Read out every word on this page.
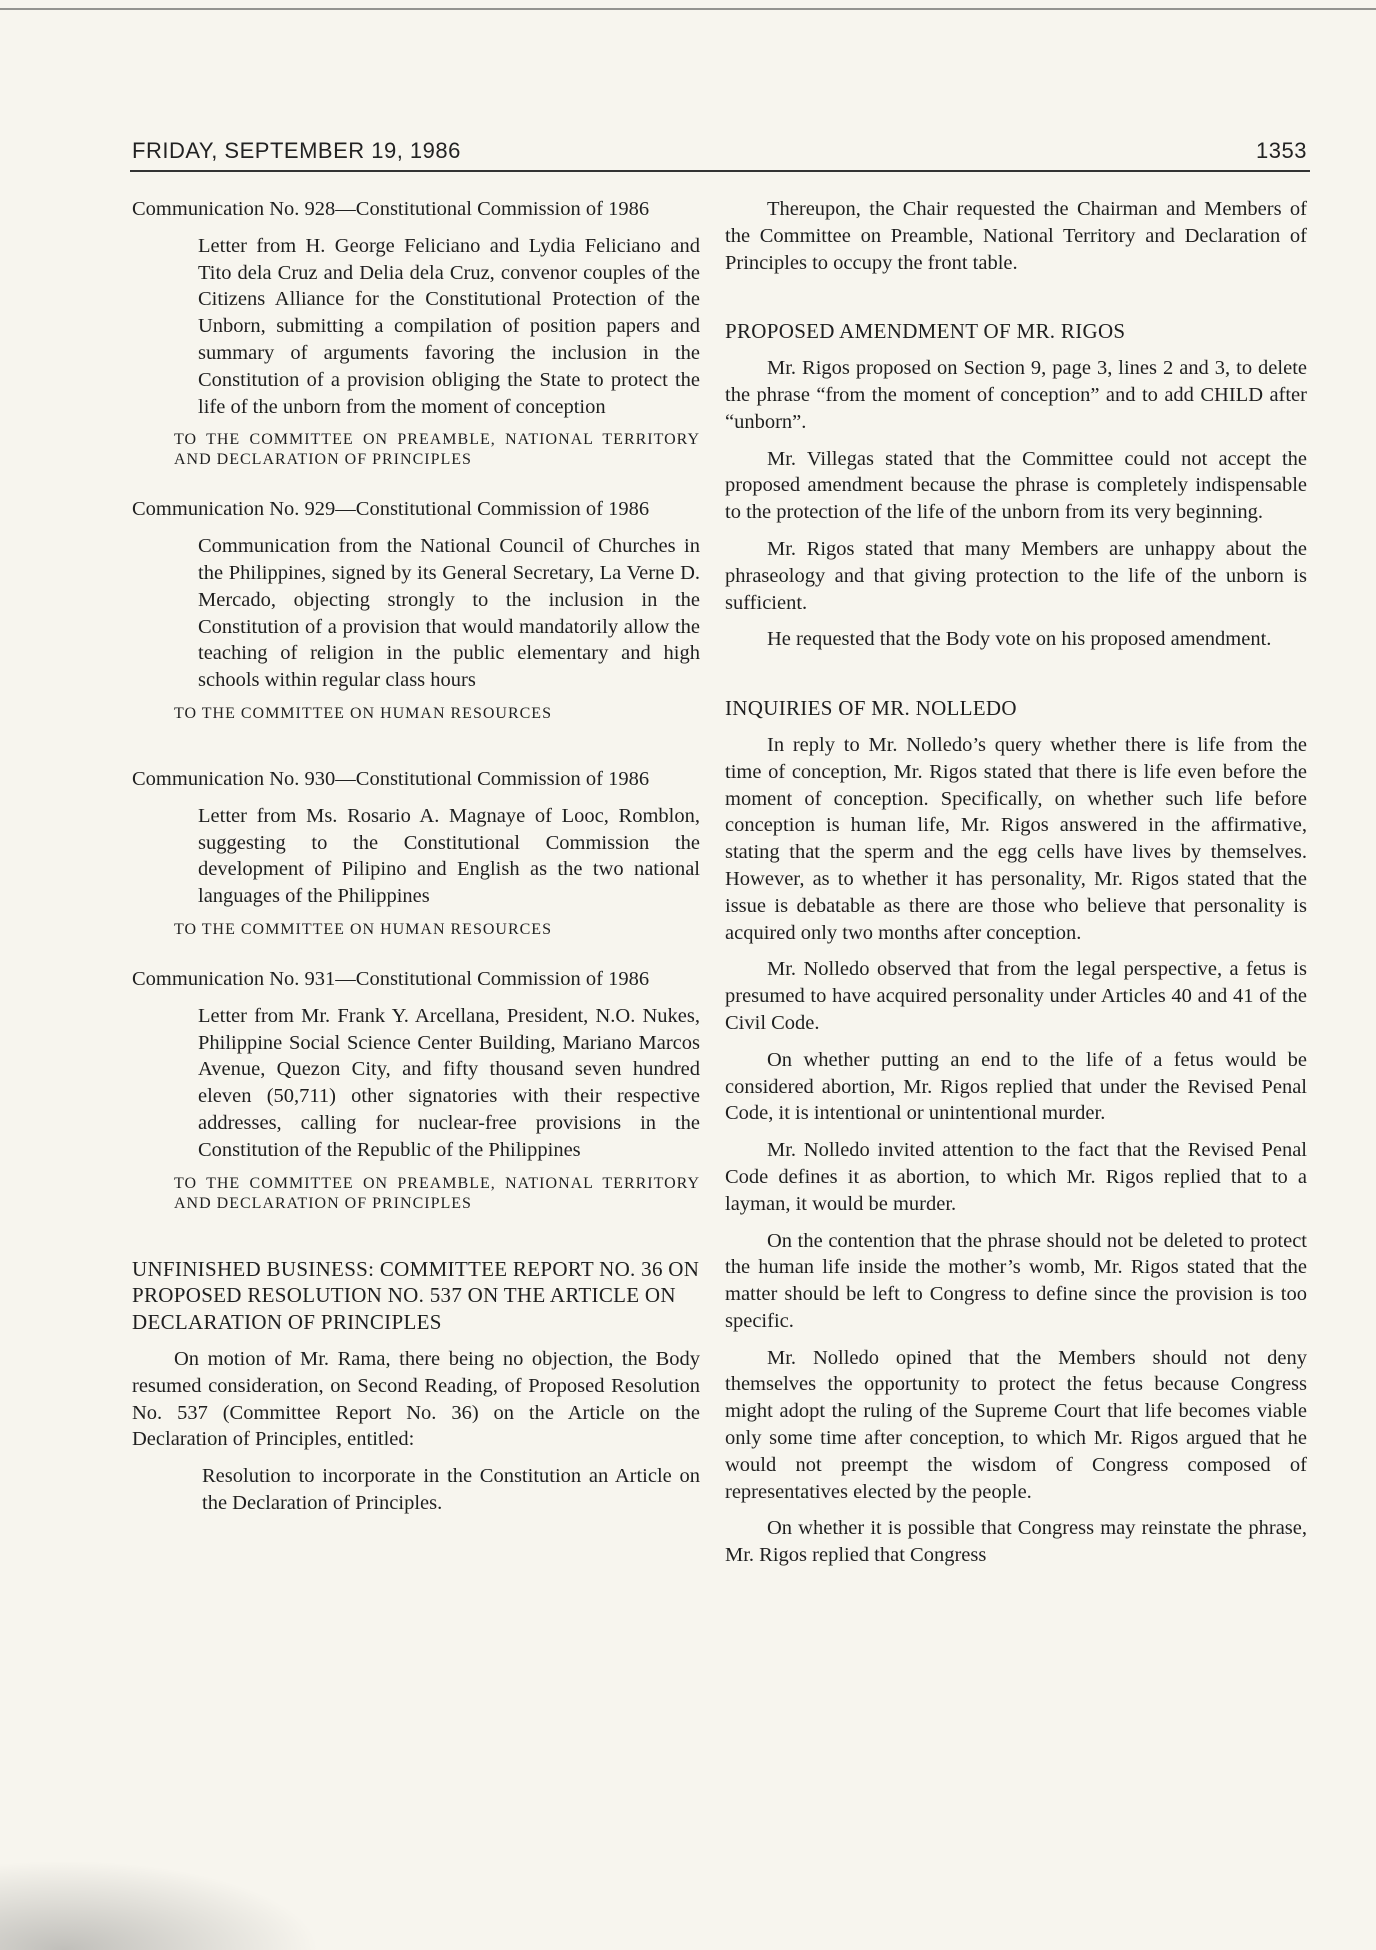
FRIDAY, SEPTEMBER 19, 1986	1353

Communication No. 928—Constitutional Commission of 1986

Letter from H. George Feliciano and Lydia Feliciano and Tito dela Cruz and Delia dela Cruz, convenor couples of the Citizens Alliance for the Constitutional Protection of the Unborn, submitting a compilation of position papers and summary of arguments favoring the inclusion in the Constitution of a provision obliging the State to protect the life of the unborn from the moment of conception

TO THE COMMITTEE ON PREAMBLE, NATIONAL TERRITORY AND DECLARATION OF PRINCIPLES

Communication No. 929—Constitutional Commission of 1986

Communication from the National Council of Churches in the Philippines, signed by its General Secretary, La Verne D. Mercado, objecting strongly to the inclusion in the Constitution of a provision that would mandatorily allow the teaching of religion in the public elementary and high schools within regular class hours

TO THE COMMITTEE ON HUMAN RESOURCES

Communication No. 930—Constitutional Commission of 1986

Letter from Ms. Rosario A. Magnaye of Looc, Romblon, suggesting to the Constitutional Commission the development of Pilipino and English as the two national languages of the Philippines

TO THE COMMITTEE ON HUMAN RESOURCES

Communication No. 931—Constitutional Commission of 1986

Letter from Mr. Frank Y. Arcellana, President, N.O. Nukes, Philippine Social Science Center Building, Mariano Marcos Avenue, Quezon City, and fifty thousand seven hundred eleven (50,711) other signatories with their respective addresses, calling for nuclear-free provisions in the Constitution of the Republic of the Philippines

TO THE COMMITTEE ON PREAMBLE, NATIONAL TERRITORY AND DECLARATION OF PRINCIPLES

UNFINISHED BUSINESS: COMMITTEE REPORT NO. 36 ON PROPOSED RESOLUTION NO. 537 ON THE ARTICLE ON DECLARATION OF PRINCIPLES

On motion of Mr. Rama, there being no objection, the Body resumed consideration, on Second Reading, of Proposed Resolution No. 537 (Committee Report No. 36) on the Article on the Declaration of Principles, entitled:

Resolution to incorporate in the Constitution an Article on the Declaration of Principles.

Thereupon, the Chair requested the Chairman and Members of the Committee on Preamble, National Territory and Declaration of Principles to occupy the front table.

PROPOSED AMENDMENT OF MR. RIGOS

Mr. Rigos proposed on Section 9, page 3, lines 2 and 3, to delete the phrase “from the moment of conception” and to add CHILD after “unborn”.

Mr. Villegas stated that the Committee could not accept the proposed amendment because the phrase is completely indispensable to the protection of the life of the unborn from its very beginning.

Mr. Rigos stated that many Members are unhappy about the phraseology and that giving protection to the life of the unborn is sufficient.

He requested that the Body vote on his proposed amendment.

INQUIRIES OF MR. NOLLEDO

In reply to Mr. Nolledo’s query whether there is life from the time of conception, Mr. Rigos stated that there is life even before the moment of conception. Specifically, on whether such life before conception is human life, Mr. Rigos answered in the affirmative, stating that the sperm and the egg cells have lives by themselves. However, as to whether it has personality, Mr. Rigos stated that the issue is debatable as there are those who believe that personality is acquired only two months after conception.

Mr. Nolledo observed that from the legal perspective, a fetus is presumed to have acquired personality under Articles 40 and 41 of the Civil Code.

On whether putting an end to the life of a fetus would be considered abortion, Mr. Rigos replied that under the Revised Penal Code, it is intentional or unintentional murder.

Mr. Nolledo invited attention to the fact that the Revised Penal Code defines it as abortion, to which Mr. Rigos replied that to a layman, it would be murder.

On the contention that the phrase should not be deleted to protect the human life inside the mother’s womb, Mr. Rigos stated that the matter should be left to Congress to define since the provision is too specific.

Mr. Nolledo opined that the Members should not deny themselves the opportunity to protect the fetus because Congress might adopt the ruling of the Supreme Court that life becomes viable only some time after conception, to which Mr. Rigos argued that he would not preempt the wisdom of Congress composed of representatives elected by the people.

On whether it is possible that Congress may reinstate the phrase, Mr. Rigos replied that Congress
